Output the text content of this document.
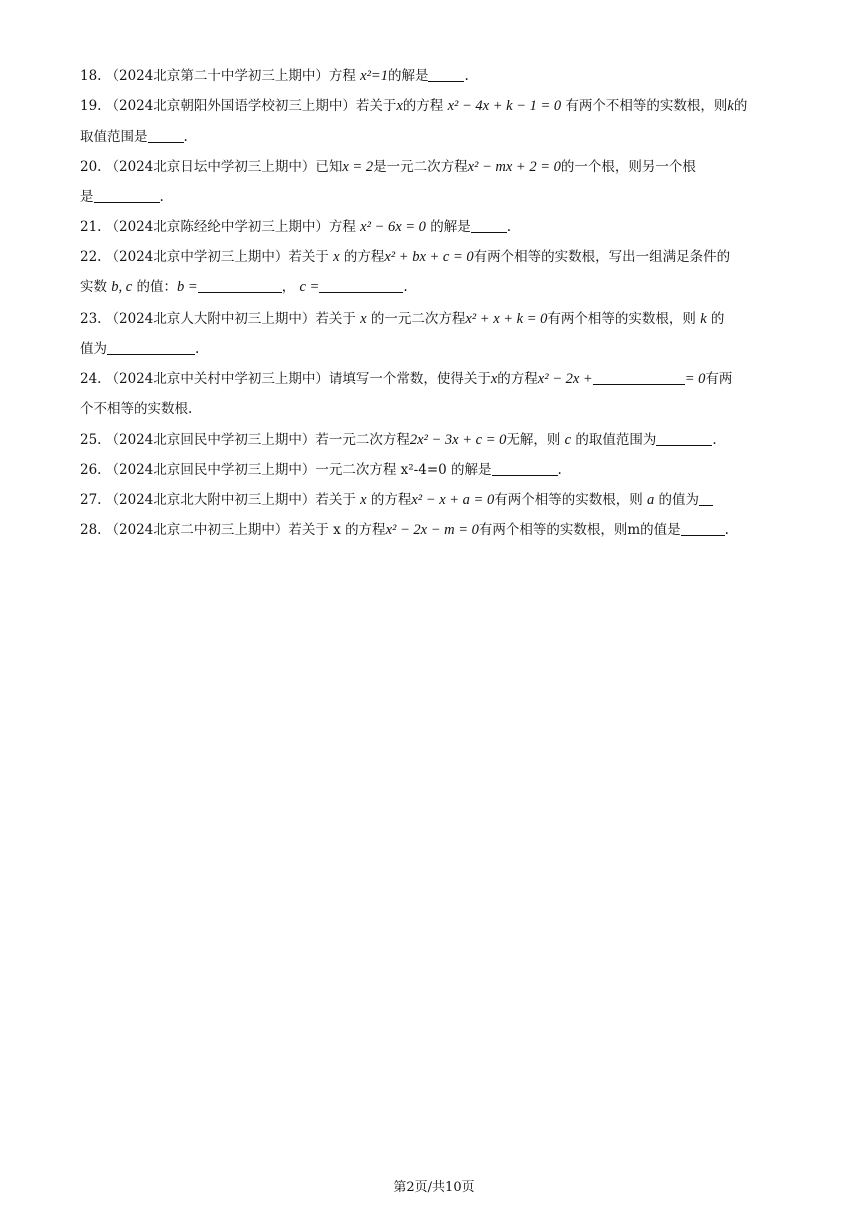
18. （2024北京第二十中学初三上期中）方程 x²=1的解是	.
19. （2024北京朝阳外国语学校初三上期中）若关于x的方程 x² − 4x + k − 1 = 0 有两个不相等的实数根，则k的
取值范围是	.
20. （2024北京日坛中学初三上期中）已知x = 2是一元二次方程x² − mx + 2 = 0的一个根，则另一个根
是	.
21. （2024北京陈经纶中学初三上期中）方程 x² − 6x = 0 的解是	.
22. （2024北京中学初三上期中）若关于 x 的方程x² + bx + c = 0有两个相等的实数根，写出一组满足条件的
实数 b, c 的值：b =	， c =	.
23. （2024北京人大附中初三上期中）若关于 x 的一元二次方程x² + x + k = 0有两个相等的实数根，则 k 的
值为	.
24. （2024北京中关村中学初三上期中）请填写一个常数，使得关于x的方程x² − 2x +	= 0有两
个不相等的实数根.
25. （2024北京回民中学初三上期中）若一元二次方程2x² − 3x + c = 0无解，则 c 的取值范围为	.
26. （2024北京回民中学初三上期中）一元二次方程 x²-4=0 的解是	.
27. （2024北京北大附中初三上期中）若关于 x 的方程x² − x + a = 0有两个相等的实数根，则 a 的值为
28. （2024北京二中初三上期中）若关于 x 的方程x² − 2x − m = 0有两个相等的实数根，则m的值是	.
第2页/共10页
